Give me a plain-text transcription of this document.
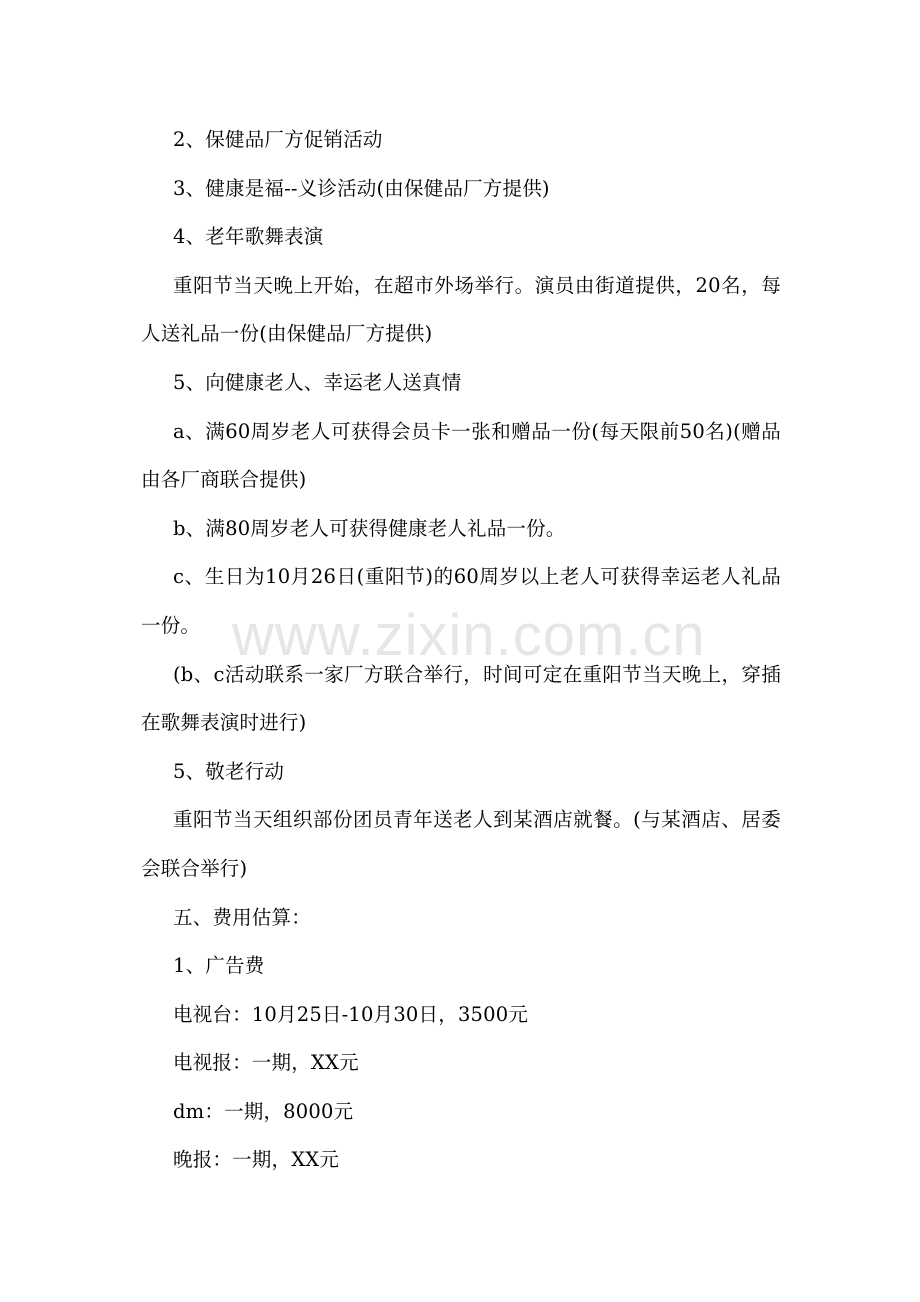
2、保健品厂方促销活动

3、健康是福--义诊活动(由保健品厂方提供)

4、老年歌舞表演

重阳节当天晚上开始，在超市外场举行。演员由街道提供，20名，每人送礼品一份(由保健品厂方提供)

5、向健康老人、幸运老人送真情

a、满60周岁老人可获得会员卡一张和赠品一份(每天限前50名)(赠品由各厂商联合提供)

b、满80周岁老人可获得健康老人礼品一份。

c、生日为10月26日(重阳节)的60周岁以上老人可获得幸运老人礼品一份。

(b、c活动联系一家厂方联合举行，时间可定在重阳节当天晚上，穿插在歌舞表演时进行)

5、敬老行动

重阳节当天组织部份团员青年送老人到某酒店就餐。(与某酒店、居委会联合举行)

五、费用估算：

1、广告费

电视台：10月25日-10月30日，3500元

电视报：一期，XX元

dm：一期，8000元

晚报：一期，XX元

www.zixin.com.cn
